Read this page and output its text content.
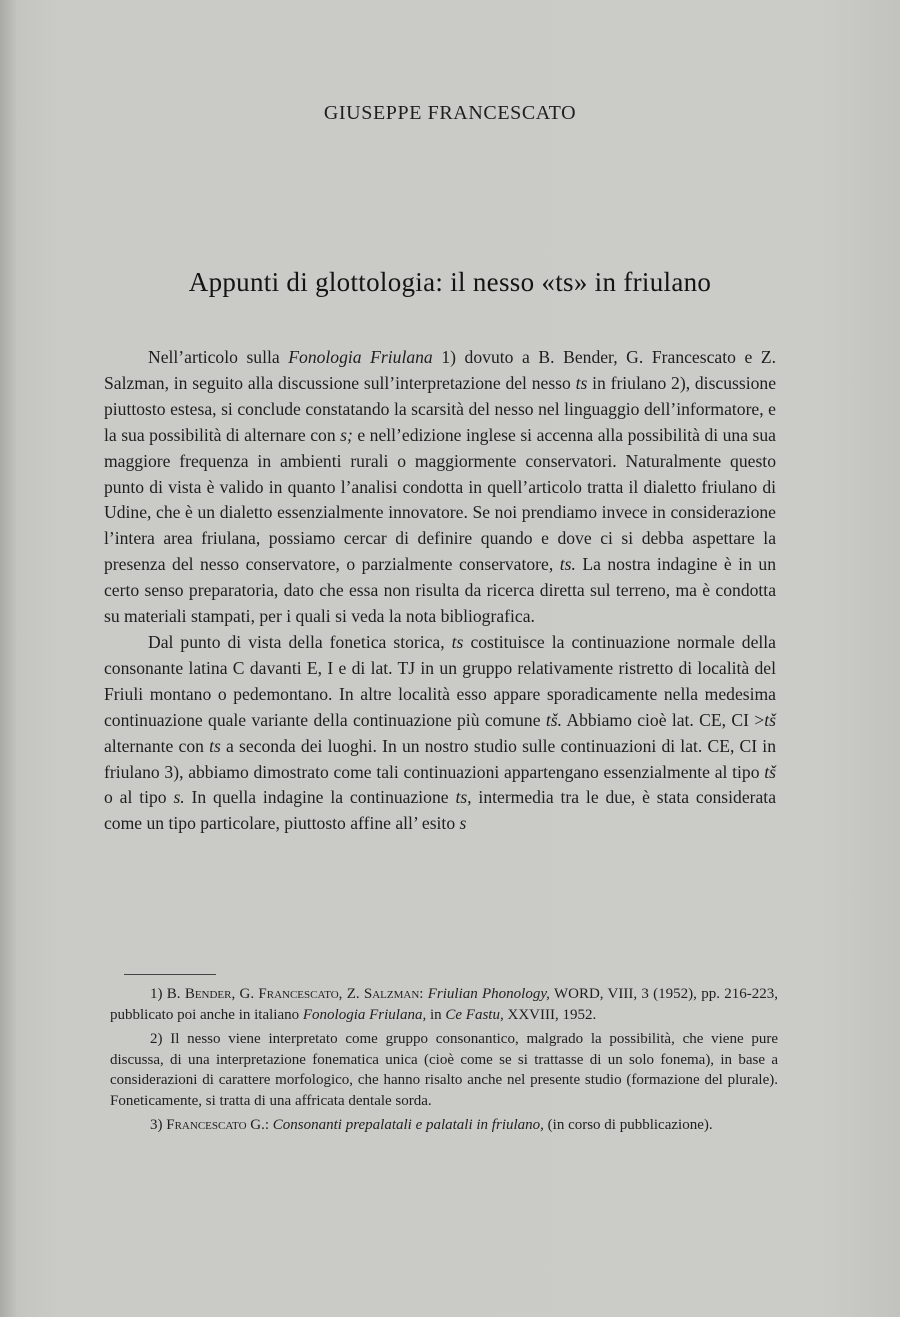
GIUSEPPE FRANCESCATO
Appunti di glottologia: il nesso «ts» in friulano

Nell’articolo sulla Fonologia Friulana 1) dovuto a B. Bender, G. Francescato e Z. Salzman, in seguito alla discussione sull’interpretazione del nesso ts in friulano 2), discussione piuttosto estesa, si conclude constatando la scarsità del nesso nel linguaggio dell’informatore, e la sua possibilità di alternare con s; e nell’edizione inglese si accenna alla possibilità di una sua maggiore frequenza in ambienti rurali o maggiormente conservatori. Naturalmente questo punto di vista è valido in quanto l’analisi condotta in quell’articolo tratta il dialetto friulano di Udine, che è un dialetto essenzialmente innovatore. Se noi prendiamo invece in considerazione l’intera area friulana, possiamo cercar di definire quando e dove ci si debba aspettare la presenza del nesso conservatore, o parzialmente conservatore, ts. La nostra indagine è in un certo senso preparatoria, dato che essa non risulta da ricerca diretta sul terreno, ma è condotta su materiali stampati, per i quali si veda la nota bibliografica.

Dal punto di vista della fonetica storica, ts costituisce la continuazione normale della consonante latina C davanti E, I e di lat. TJ in un gruppo relativamente ristretto di località del Friuli montano o pedemontano. In altre località esso appare sporadicamente nella medesima continuazione quale variante della continuazione più comune tš. Abbiamo cioè lat. CE, CI >tš alternante con ts a seconda dei luoghi. In un nostro studio sulle continuazioni di lat. CE, CI in friulano 3), abbiamo dimostrato come tali continuazioni appartengano essenzialmente al tipo tš o al tipo s. In quella indagine la continuazione ts, intermedia tra le due, è stata considerata come un tipo particolare, piuttosto affine all’ esito s

1) B. Bender, G. Francescato, Z. Salzman: Friulian Phonology, WORD, VIII, 3 (1952), pp. 216-223, pubblicato poi anche in italiano Fonologia Friulana, in Ce Fastu, XXVIII, 1952.

2) Il nesso viene interpretato come gruppo consonantico, malgrado la possibilità, che viene pure discussa, di una interpretazione fonematica unica (cioè come se si trattasse di un solo fonema), in base a considerazioni di carattere morfologico, che hanno risalto anche nel presente studio (formazione del plurale). Foneticamente, si tratta di una affricata dentale sorda.

3) Francescato G.: Consonanti prepalatali e palatali in friulano, (in corso di pubblicazione).
